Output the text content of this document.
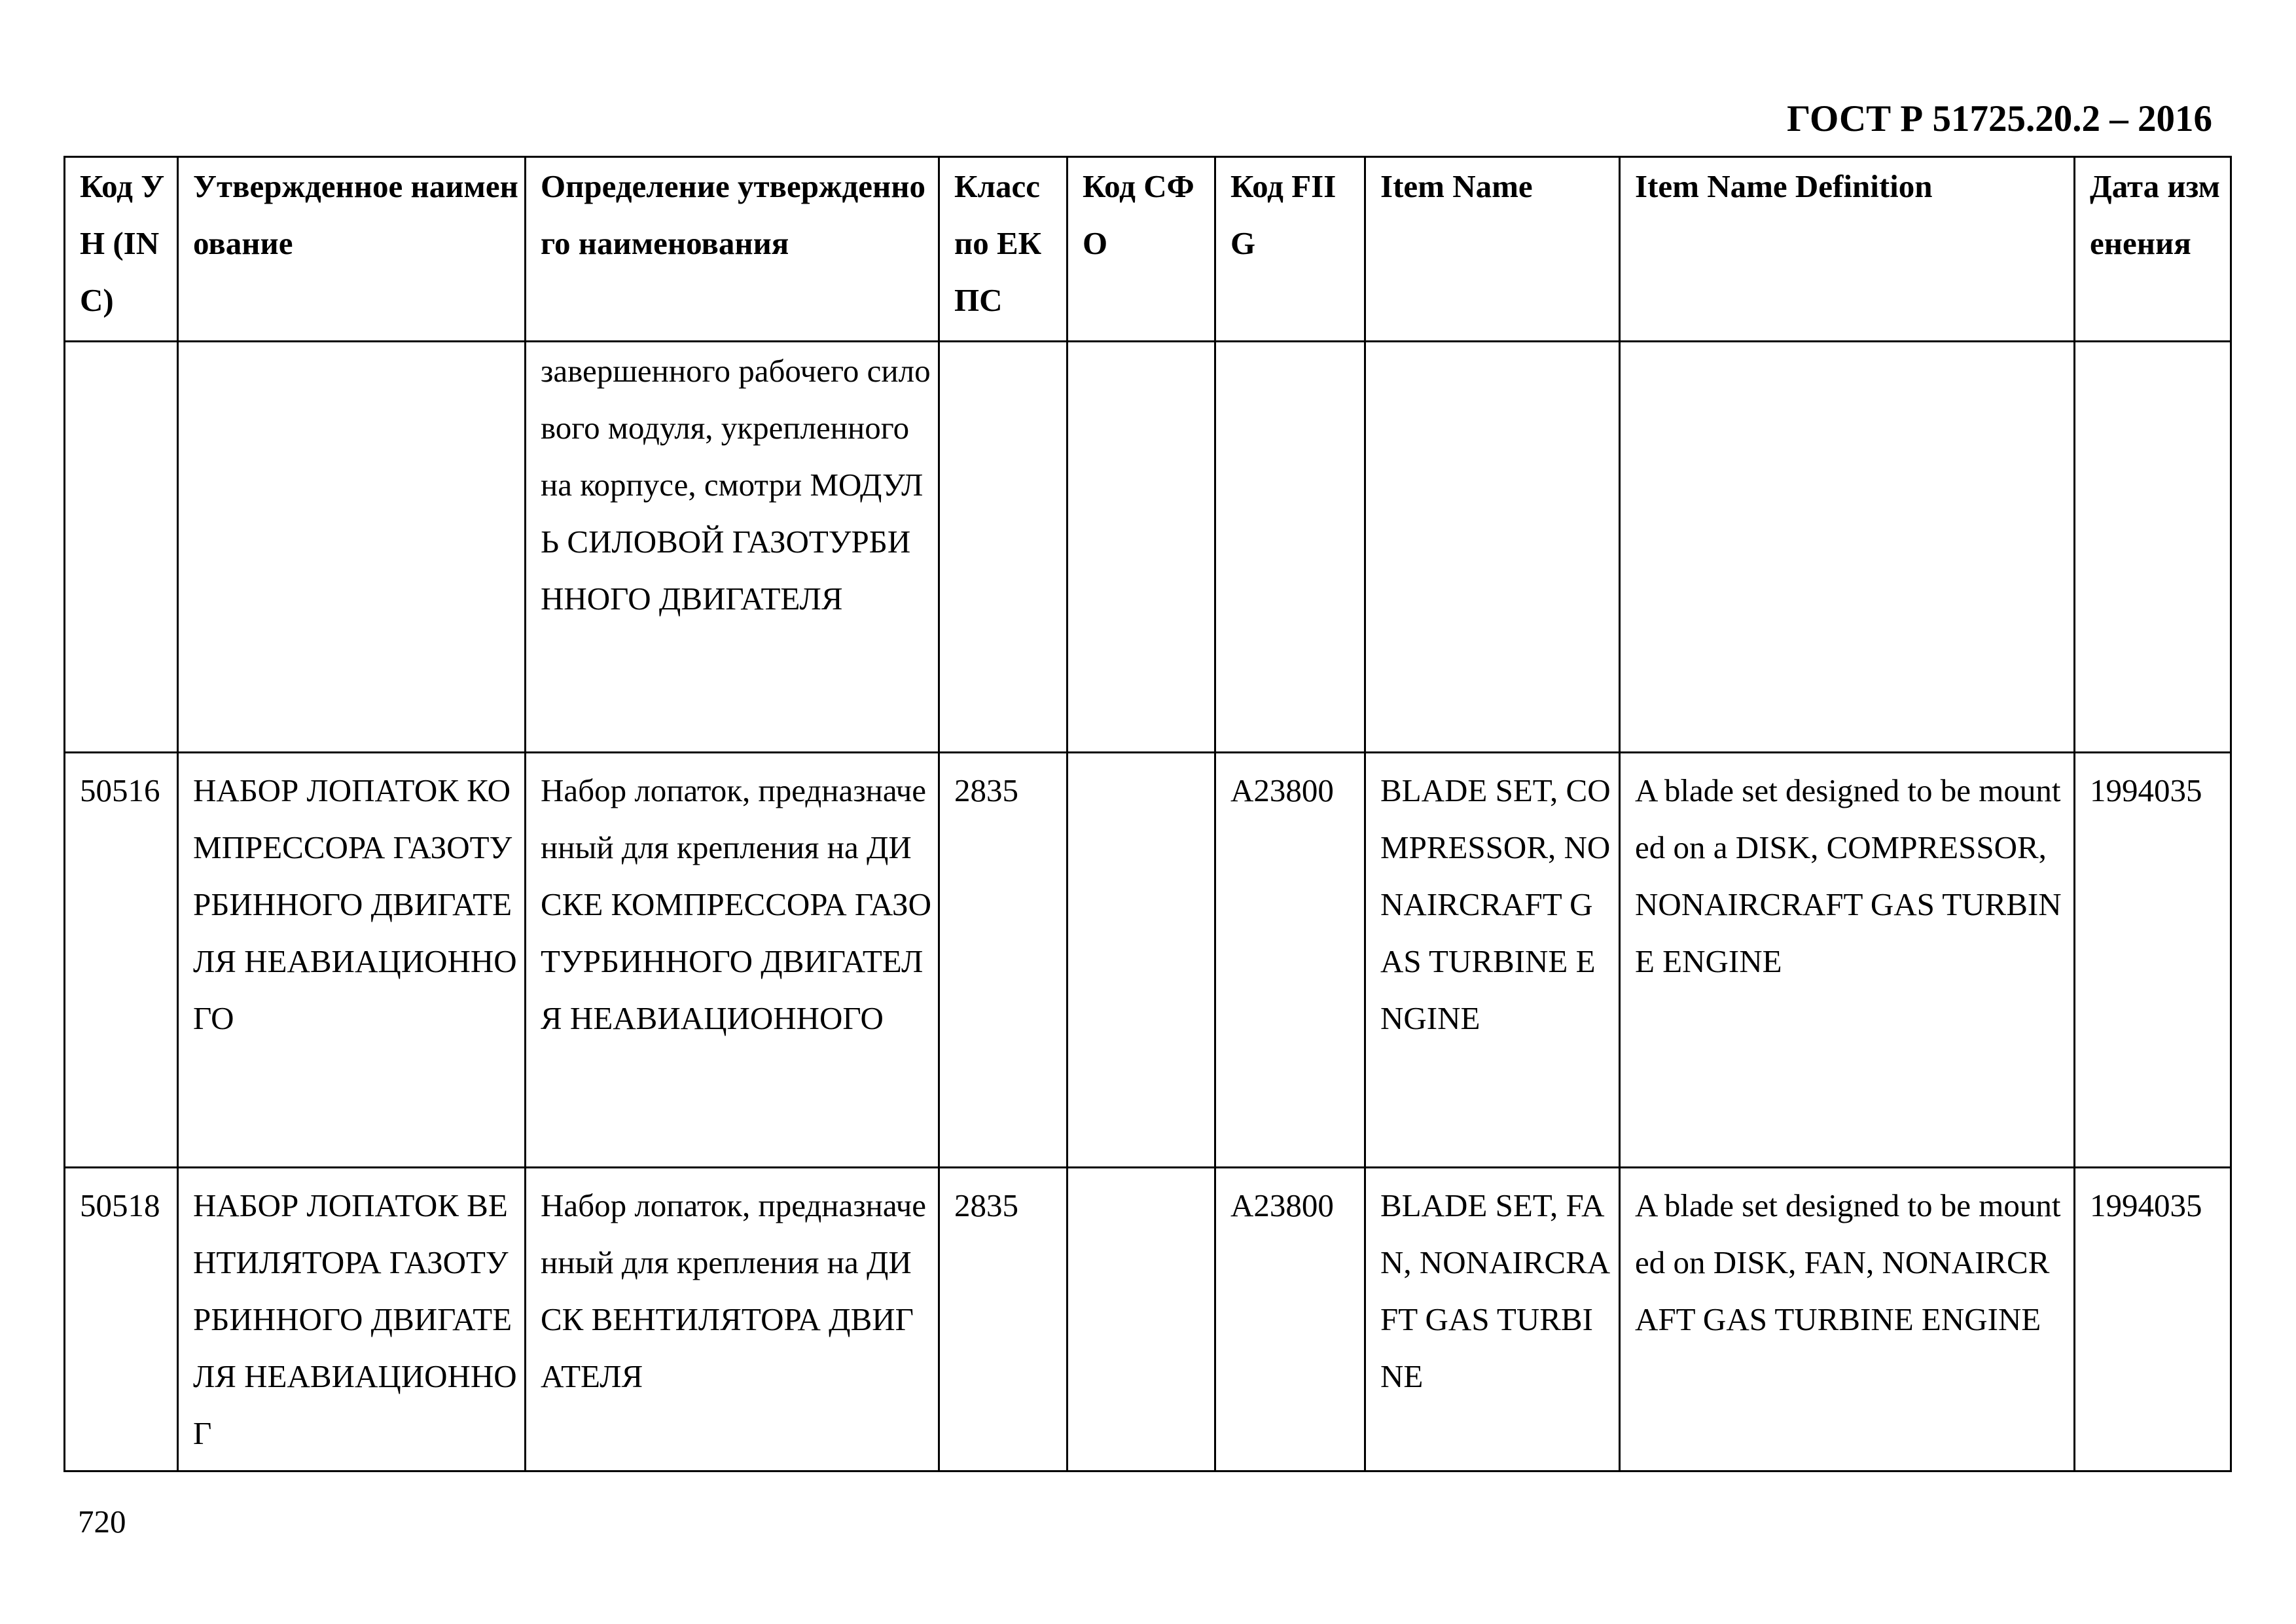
ГОСТ Р 51725.20.2 – 2016
Код УН (INC)	Утвержденное наименование	Определение утвержденного наименования	Класс по ЕКПС	Код СФО	Код FIIG	Item Name	Item Name Definition	Дата изменения
		завершенного рабочего силового модуля, укрепленного на корпусе, смотри МОДУЛЬ СИЛОВОЙ ГАЗОТУРБИННОГО ДВИГАТЕЛЯ						
50516	НАБОР ЛОПАТОК КОМПРЕССОРА ГАЗОТУРБИННОГО ДВИГАТЕЛЯ НЕАВИАЦИОННОГО	Набор лопаток, предназначенный для крепления на ДИСКЕ КОМПРЕССОРА ГАЗОТУРБИННОГО ДВИГАТЕЛЯ НЕАВИАЦИОННОГО	2835		A23800	BLADE SET, COMPRESSOR, NONAIRCRAFT GAS TURBINE ENGINE	A blade set designed to be mounted on a DISK, COMPRESSOR, NONAIRCRAFT GAS TURBINE ENGINE	1994035
50518	НАБОР ЛОПАТОК ВЕНТИЛЯТОРА ГАЗОТУРБИННОГО ДВИГАТЕЛЯ НЕАВИАЦИОННОГ	Набор лопаток, предназначенный для крепления на ДИСК ВЕНТИЛЯТОРА ДВИГАТЕЛЯ	2835		A23800	BLADE SET, FAN, NONAIRCRAFT GAS TURBINE	A blade set designed to be mounted on DISK, FAN, NONAIRCRAFT GAS TURBINE ENGINE	1994035
720
